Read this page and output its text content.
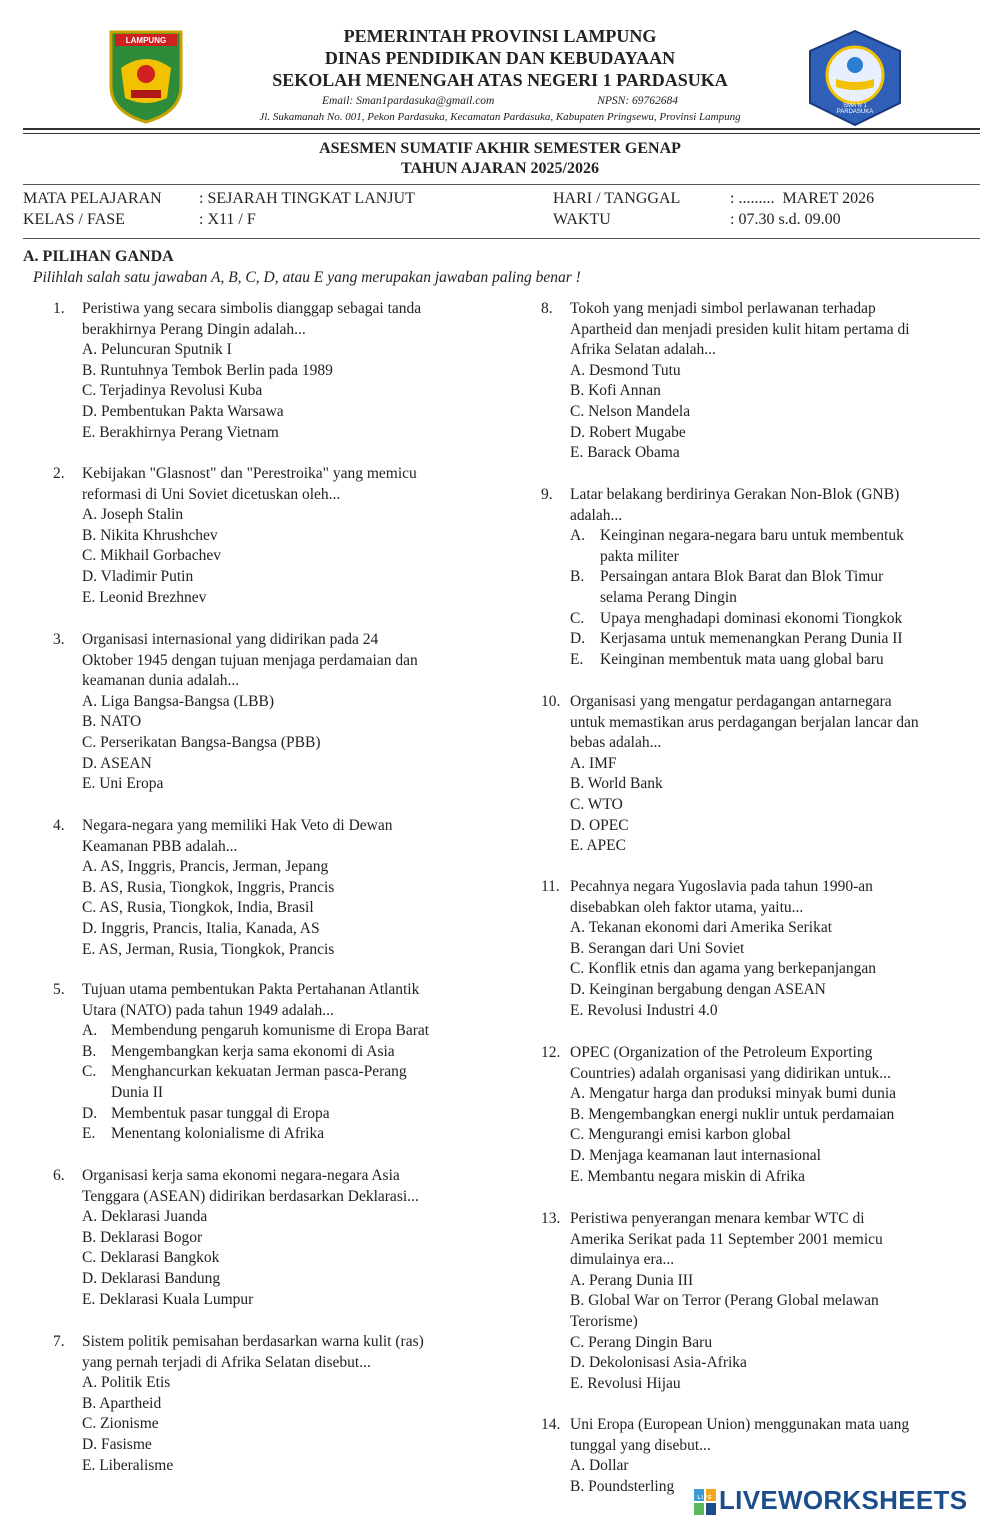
LAMPUNG
SMA N 1 PARDASUKA
PEMERINTAH PROVINSI LAMPUNG
DINAS PENDIDIKAN DAN KEBUDAYAAN
SEKOLAH MENENGAH ATAS NEGERI 1 PARDASUKA
Email: Sman1pardasuka@gmail.com	NPSN: 69762684
Jl. Sukamanah No. 001, Pekon Pardasuka, Kecamatan Pardasuka, Kabupaten Pringsewu, Provinsi Lampung
ASESMEN SUMATIF AKHIR SEMESTER GENAP
TAHUN AJARAN 2025/2026
MATA PELAJARAN : SEJARAH TINGKAT LANJUT
KELAS / FASE	: X11 / F
HARI / TANGGAL	: .........  MARET 2026
WAKTU	: 07.30 s.d. 09.00
A. PILIHAN GANDA
Pilihlah salah satu jawaban A, B, C, D, atau E yang merupakan jawaban paling benar !
1. Peristiwa yang secara simbolis dianggap sebagai tanda
berakhirnya Perang Dingin adalah...
A. Peluncuran Sputnik I
B. Runtuhnya Tembok Berlin pada 1989
C. Terjadinya Revolusi Kuba
D. Pembentukan Pakta Warsawa
E. Berakhirnya Perang Vietnam
2. Kebijakan "Glasnost" dan "Perestroika" yang memicu
reformasi di Uni Soviet dicetuskan oleh...
A. Joseph Stalin
B. Nikita Khrushchev
C. Mikhail Gorbachev
D. Vladimir Putin
E. Leonid Brezhnev
3. Organisasi internasional yang didirikan pada 24
Oktober 1945 dengan tujuan menjaga perdamaian dan
keamanan dunia adalah...
A. Liga Bangsa-Bangsa (LBB)
B. NATO
C. Perserikatan Bangsa-Bangsa (PBB)
D. ASEAN
E. Uni Eropa
4. Negara-negara yang memiliki Hak Veto di Dewan
Keamanan PBB adalah...
A. AS, Inggris, Prancis, Jerman, Jepang
B. AS, Rusia, Tiongkok, Inggris, Prancis
C. AS, Rusia, Tiongkok, India, Brasil
D. Inggris, Prancis, Italia, Kanada, AS
E. AS, Jerman, Rusia, Tiongkok, Prancis
5. Tujuan utama pembentukan Pakta Pertahanan Atlantik
Utara (NATO) pada tahun 1949 adalah...
A. Membendung pengaruh komunisme di Eropa Barat
B. Mengembangkan kerja sama ekonomi di Asia
C. Menghancurkan kekuatan Jerman pasca-Perang
Dunia II
D. Membentuk pasar tunggal di Eropa
E. Menentang kolonialisme di Afrika
6. Organisasi kerja sama ekonomi negara-negara Asia
Tenggara (ASEAN) didirikan berdasarkan Deklarasi...
A. Deklarasi Juanda
B. Deklarasi Bogor
C. Deklarasi Bangkok
D. Deklarasi Bandung
E. Deklarasi Kuala Lumpur
7. Sistem politik pemisahan berdasarkan warna kulit (ras)
yang pernah terjadi di Afrika Selatan disebut...
A. Politik Etis
B. Apartheid
C. Zionisme
D. Fasisme
E. Liberalisme
8. Tokoh yang menjadi simbol perlawanan terhadap
Apartheid dan menjadi presiden kulit hitam pertama di
Afrika Selatan adalah...
A. Desmond Tutu
B. Kofi Annan
C. Nelson Mandela
D. Robert Mugabe
E. Barack Obama
9. Latar belakang berdirinya Gerakan Non-Blok (GNB)
adalah...
A. Keinginan negara-negara baru untuk membentuk
pakta militer
B. Persaingan antara Blok Barat dan Blok Timur
selama Perang Dingin
C. Upaya menghadapi dominasi ekonomi Tiongkok
D. Kerjasama untuk memenangkan Perang Dunia II
E. Keinginan membentuk mata uang global baru
10. Organisasi yang mengatur perdagangan antarnegara
untuk memastikan arus perdagangan berjalan lancar dan
bebas adalah...
A. IMF
B. World Bank
C. WTO
D. OPEC
E. APEC
11. Pecahnya negara Yugoslavia pada tahun 1990-an
disebabkan oleh faktor utama, yaitu...
A. Tekanan ekonomi dari Amerika Serikat
B. Serangan dari Uni Soviet
C. Konflik etnis dan agama yang berkepanjangan
D. Keinginan bergabung dengan ASEAN
E. Revolusi Industri 4.0
12. OPEC (Organization of the Petroleum Exporting
Countries) adalah organisasi yang didirikan untuk...
A. Mengatur harga dan produksi minyak bumi dunia
B. Mengembangkan energi nuklir untuk perdamaian
C. Mengurangi emisi karbon global
D. Menjaga keamanan laut internasional
E. Membantu negara miskin di Afrika
13. Peristiwa penyerangan menara kembar WTC di
Amerika Serikat pada 11 September 2001 memicu
dimulainya era...
A. Perang Dunia III
B. Global War on Terror (Perang Global melawan
Terorisme)
C. Perang Dingin Baru
D. Dekolonisasi Asia-Afrika
E. Revolusi Hijau
14. Uni Eropa (European Union) menggunakan mata uang
tunggal yang disebut...
A. Dollar
B. Poundsterling
LIVE LIVEWORKSHEETS
